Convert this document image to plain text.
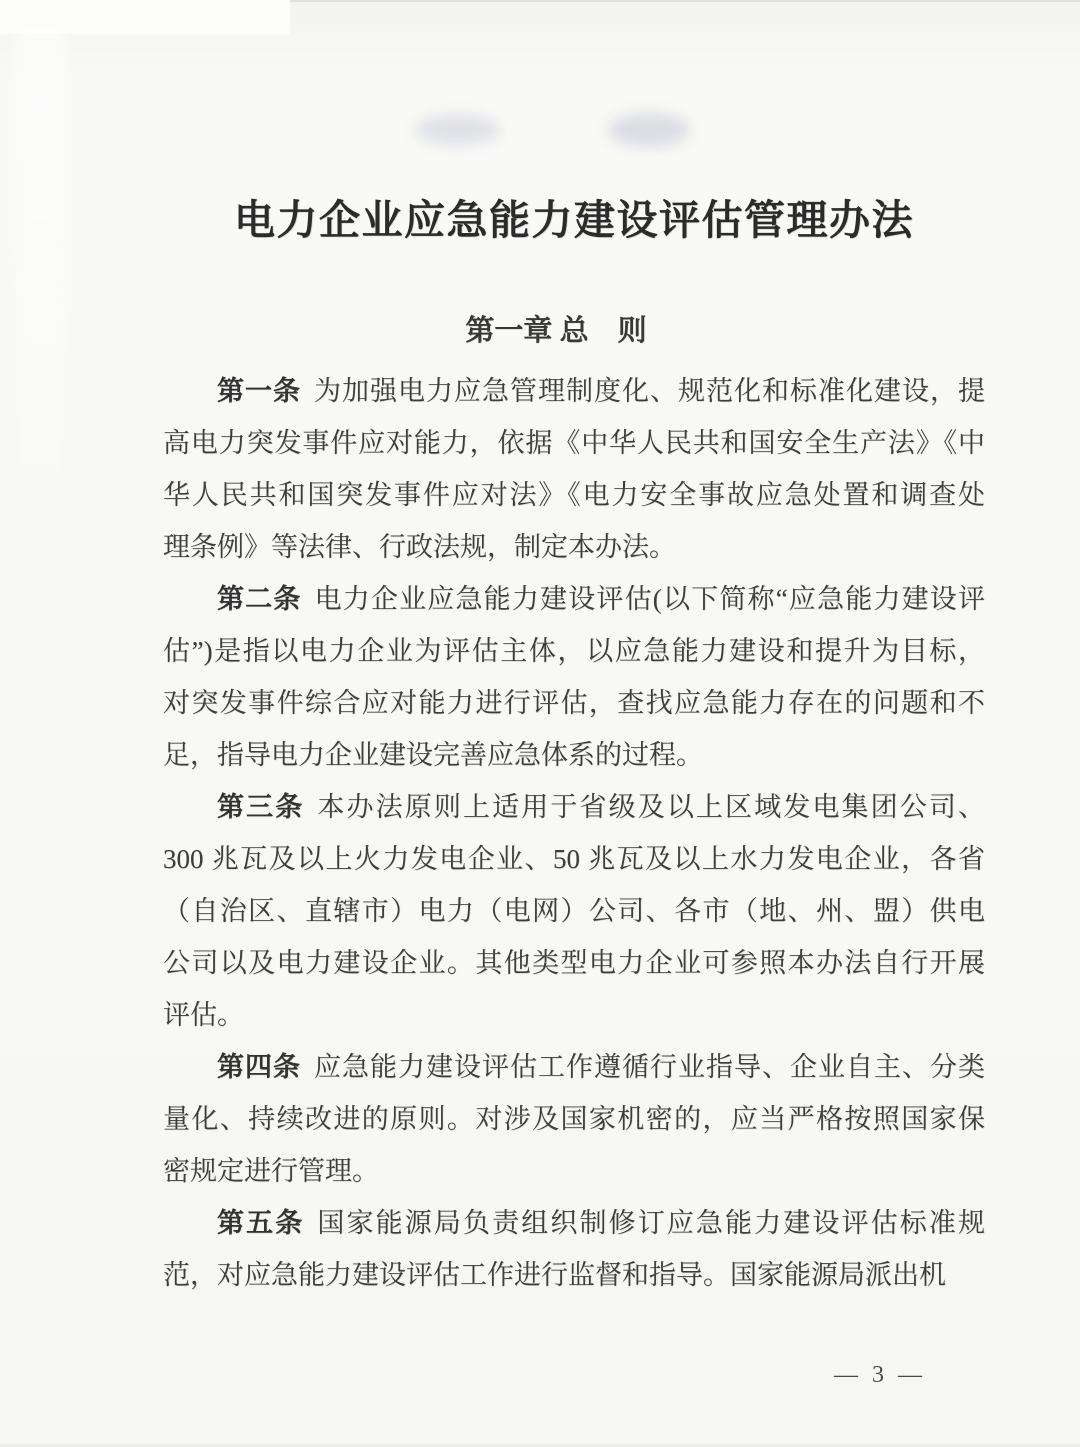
电力企业应急能力建设评估管理办法
第一章 总　则
第一条 为加强电力应急管理制度化、规范化和标准化建设，提
高电力突发事件应对能力，依据《中华人民共和国安全生产法》《中
华人民共和国突发事件应对法》《电力安全事故应急处置和调查处
理条例》等法律、行政法规，制定本办法。
第二条 电力企业应急能力建设评估(以下简称“应急能力建设评
估”)是指以电力企业为评估主体，以应急能力建设和提升为目标，
对突发事件综合应对能力进行评估，查找应急能力存在的问题和不
足，指导电力企业建设完善应急体系的过程。
第三条 本办法原则上适用于省级及以上区域发电集团公司、
300 兆瓦及以上火力发电企业、50 兆瓦及以上水力发电企业，各省
（自治区、直辖市）电力（电网）公司、各市（地、州、盟）供电
公司以及电力建设企业。其他类型电力企业可参照本办法自行开展
评估。
第四条 应急能力建设评估工作遵循行业指导、企业自主、分类
量化、持续改进的原则。对涉及国家机密的，应当严格按照国家保
密规定进行管理。
第五条 国家能源局负责组织制修订应急能力建设评估标准规
范，对应急能力建设评估工作进行监督和指导。国家能源局派出机
— 3 —
